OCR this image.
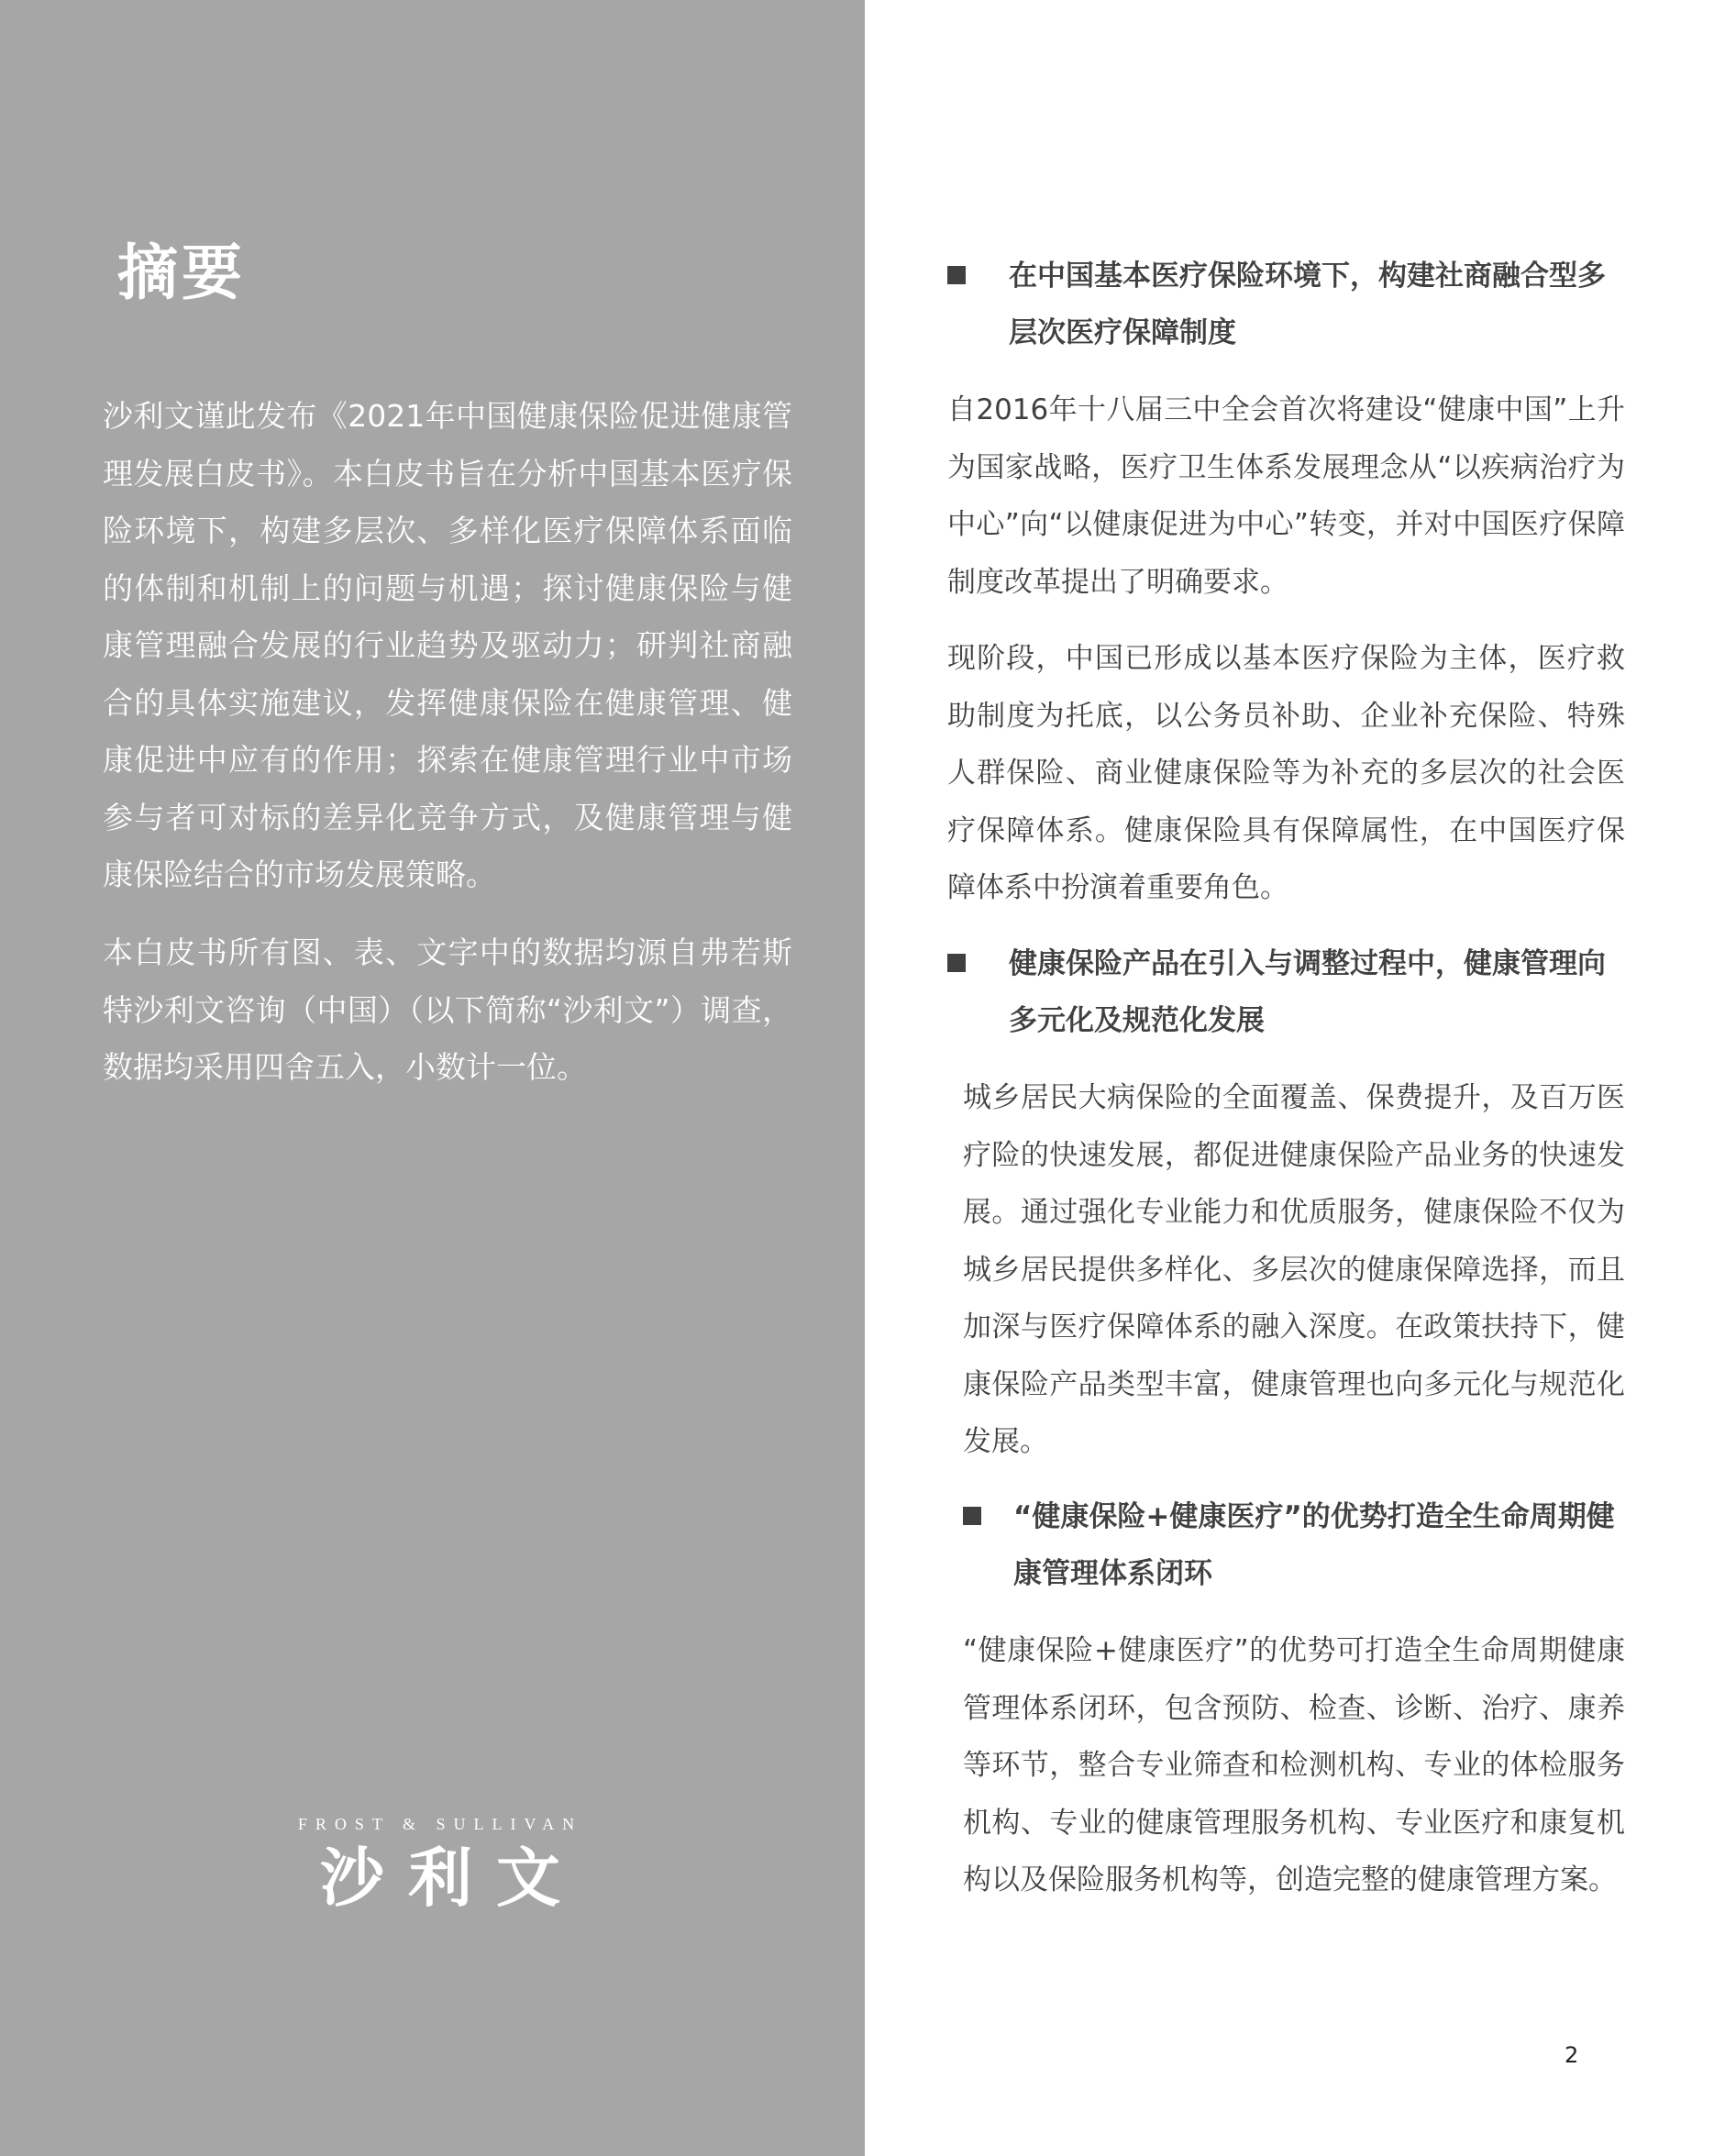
摘要

沙利文谨此发布《2021年中国健康保险促进健康管理发展白皮书》。本白皮书旨在分析中国基本医疗保险环境下，构建多层次、多样化医疗保障体系面临的体制和机制上的问题与机遇；探讨健康保险与健康管理融合发展的行业趋势及驱动力；研判社商融合的具体实施建议，发挥健康保险在健康管理、健康促进中应有的作用；探索在健康管理行业中市场参与者可对标的差异化竞争方式，及健康管理与健康保险结合的市场发展策略。

本白皮书所有图、表、文字中的数据均源自弗若斯特沙利文咨询（中国）（以下简称“沙利文”）调查，数据均采用四舍五入，小数计一位。

FROST & SULLIVAN
沙利文

在中国基本医疗保险环境下，构建社商融合型多层次医疗保障制度

自2016年十八届三中全会首次将建设“健康中国”上升为国家战略，医疗卫生体系发展理念从“以疾病治疗为中心”向“以健康促进为中心”转变，并对中国医疗保障制度改革提出了明确要求。

现阶段，中国已形成以基本医疗保险为主体，医疗救助制度为托底，以公务员补助、企业补充保险、特殊人群保险、商业健康保险等为补充的多层次的社会医疗保障体系。健康保险具有保障属性，在中国医疗保障体系中扮演着重要角色。

健康保险产品在引入与调整过程中，健康管理向多元化及规范化发展

城乡居民大病保险的全面覆盖、保费提升，及百万医疗险的快速发展，都促进健康保险产品业务的快速发展。通过强化专业能力和优质服务，健康保险不仅为城乡居民提供多样化、多层次的健康保障选择，而且加深与医疗保障体系的融入深度。在政策扶持下，健康保险产品类型丰富，健康管理也向多元化与规范化发展。

“健康保险+健康医疗”的优势打造全生命周期健康管理体系闭环

“健康保险+健康医疗”的优势可打造全生命周期健康管理体系闭环，包含预防、检查、诊断、治疗、康养等环节，整合专业筛查和检测机构、专业的体检服务机构、专业的健康管理服务机构、专业医疗和康复机构以及保险服务机构等，创造完整的健康管理方案。

2
